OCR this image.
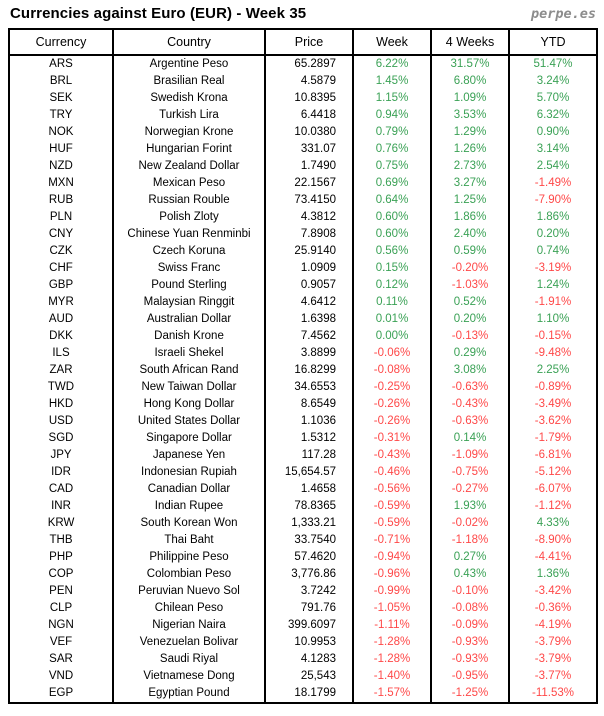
Currencies against Euro (EUR) - Week 35	perpe.es
Currency	Country	Price	Week	4 Weeks	YTD
ARS	Argentine Peso	65.2897	6.22%	31.57%	51.47%
BRL	Brasilian Real	4.5879	1.45%	6.80%	3.24%
SEK	Swedish Krona	10.8395	1.15%	1.09%	5.70%
TRY	Turkish Lira	6.4418	0.94%	3.53%	6.32%
NOK	Norwegian Krone	10.0380	0.79%	1.29%	0.90%
HUF	Hungarian Forint	331.07	0.76%	1.26%	3.14%
NZD	New Zealand Dollar	1.7490	0.75%	2.73%	2.54%
MXN	Mexican Peso	22.1567	0.69%	3.27%	-1.49%
RUB	Russian Rouble	73.4150	0.64%	1.25%	-7.90%
PLN	Polish Zloty	4.3812	0.60%	1.86%	1.86%
CNY	Chinese Yuan Renminbi	7.8908	0.60%	2.40%	0.20%
CZK	Czech Koruna	25.9140	0.56%	0.59%	0.74%
CHF	Swiss Franc	1.0909	0.15%	-0.20%	-3.19%
GBP	Pound Sterling	0.9057	0.12%	-1.03%	1.24%
MYR	Malaysian Ringgit	4.6412	0.11%	0.52%	-1.91%
AUD	Australian Dollar	1.6398	0.01%	0.20%	1.10%
DKK	Danish Krone	7.4562	0.00%	-0.13%	-0.15%
ILS	Israeli Shekel	3.8899	-0.06%	0.29%	-9.48%
ZAR	South African Rand	16.8299	-0.08%	3.08%	2.25%
TWD	New Taiwan Dollar	34.6553	-0.25%	-0.63%	-0.89%
HKD	Hong Kong Dollar	8.6549	-0.26%	-0.43%	-3.49%
USD	United States Dollar	1.1036	-0.26%	-0.63%	-3.62%
SGD	Singapore Dollar	1.5312	-0.31%	0.14%	-1.79%
JPY	Japanese Yen	117.28	-0.43%	-1.09%	-6.81%
IDR	Indonesian Rupiah	15,654.57	-0.46%	-0.75%	-5.12%
CAD	Canadian Dollar	1.4658	-0.56%	-0.27%	-6.07%
INR	Indian Rupee	78.8365	-0.59%	1.93%	-1.12%
KRW	South Korean Won	1,333.21	-0.59%	-0.02%	4.33%
THB	Thai Baht	33.7540	-0.71%	-1.18%	-8.90%
PHP	Philippine Peso	57.4620	-0.94%	0.27%	-4.41%
COP	Colombian Peso	3,776.86	-0.96%	0.43%	1.36%
PEN	Peruvian Nuevo Sol	3.7242	-0.99%	-0.10%	-3.42%
CLP	Chilean Peso	791.76	-1.05%	-0.08%	-0.36%
NGN	Nigerian Naira	399.6097	-1.11%	-0.09%	-4.19%
VEF	Venezuelan Bolivar	10.9953	-1.28%	-0.93%	-3.79%
SAR	Saudi Riyal	4.1283	-1.28%	-0.93%	-3.79%
VND	Vietnamese Dong	25,543	-1.40%	-0.95%	-3.77%
EGP	Egyptian Pound	18.1799	-1.57%	-1.25%	-11.53%
